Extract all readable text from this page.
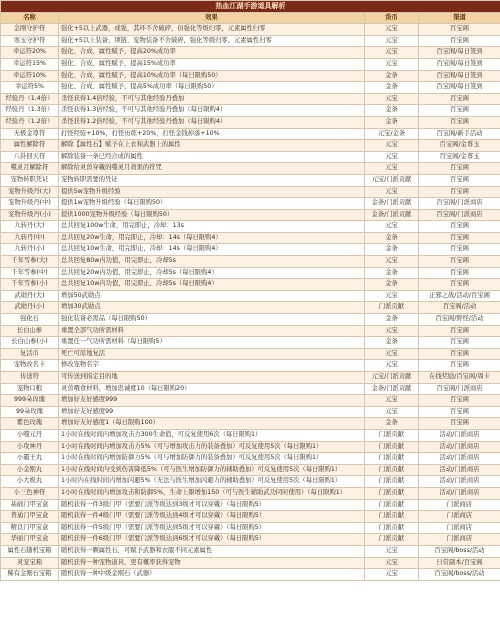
热血江湖手游道具解析			
名称	效果	货币	渠道
金刚守护符	强化+5以上武器，或强，其环不舍破碎，但强化等级归零，元素属性归零	元宝	百宝阁
寒玉守护符	强化+5以上装备，项链，宠物装备不舍破碎，强化等级归零，元素属性归零	元宝	百宝阁
幸运符20%	强化、合成、属性赋予，提高20%成功率	元宝	百宝阁/每日签到
幸运符15%	强化、合成、属性赋予，提高15%成功率	元宝	百宝阁/每日签到
幸运符10%	强化、合成、属性赋予，提高10%成功率（每日限购50）	金条	百宝阁/每日签到
幸运符5%	强化、合成、属性赋予，提高5%成功率（每日限购50）	金条	百宝阁/每日签到
经验丹（1.4倍）	杀怪获得1.4倍经验，不可与其他经验丹叠加	元宝	百宝阁
经验丹（1.3倍）	杀怪获得1.3倍经验，不可与其他经验丹叠加（每日限购4）	金条	百宝阁
经验丹（1.2倍）	杀怪获得1.2倍经验，不可与其他经验丹叠加（每日限购4）	金条	百宝阁
无极金尊符	打怪经验+10%，打怪历练+20%，打怪金钱掉落+10%	元宝/金条	百宝阁/新手活动
属性解除符	解除【属性石】赋予在上衣和武器上的属性	元宝	百宝阁/金尊玉
八卦回天符	解除装备一条已经合成的属性	元宝	百宝阁/金尊玉
噬灵月解除符	解除给灵兽穿戴的噬灵月效果的符咒	元宝	百宝阁
宠物转职凭证	宠物转职需要的凭证	元宝/门派贡献	百宝阁
宠物升级丹(大)	提供5w宠物升级经验	元宝	百宝阁
宠物升级丹(中)	提供1w宠物升级经验（每日限购50）	金条/门派贡献	百宝阁/门派商店
宠物升级丹(小)	提供1000宠物升级经验（每日限购50）	金条/门派贡献	百宝阁/门派商店
九转丹(大)	总共回复100w生命，用完即止，冷却：13s	元宝	百宝阁
九转丹(中)	总共回复20w生命，用完即止，冷却：14s（每日限购4）	金条	百宝阁
九转丹(小)	总共回复10w生命，用完即止，冷却：14s（每日限购4）	金条	百宝阁
千年雪参(大)	总共回复80w内功值，用完即止，冷却5s	元宝	百宝阁
千年雪参(中)	总共回复20w内功值，用完即止，冷却5s（每日限购4）	金条	百宝阁
千年雪参(小)	总共回复10w内功值，用完即止，冷却5s（每日限购4）	金条	百宝阁
武勋丹(大)	增加50武勋点	元宝	正邪之战/活动/百宝阁
武勋丹(小)	增加30武勋点	门派贡献	百宝阁/活动
强化石	强化装备必需品（每日限购50）	金条	百宝阁/野怪/活动
长白山参	重置全部气功所需材料	元宝	百宝阁
长白山参(小)	重置任一气功所需材料（每日限购5）	金条	百宝阁
复活币	死亡可原地复活	元宝	百宝阁
宠物改名卡	修改宠物名字	元宝	百宝阁
传送符	可传送到指定目的地	元宝/门派贡献	在线奖励/百宝阁/周卡
宠物口粮	灵兽喂食材料，增加忠诚度10（每日限购20）	金条/门派贡献	百宝阁/门派商店
999朵玫瑰	增加好友好感度999	元宝	百宝阁
99朵玫瑰	增加好友好感度99	元宝	百宝阁
紫色玫瑰	增加好友好感度1（每日限购100）	金条	百宝阁
小噬元丹	1小时在线时间内增加攻击力300生命值，可反复使用6次（每日限购1）	门派贡献	活动/门派商店
小攻神丹	1小时在线时间内增加攻击力5%（可与增加攻击力的装备叠加）可反复使用5次（每日限购1）	门派贡献	活动/门派商店
小霸王丸	1小时在线时间内增加防御力5%（可与增加防御力的装备叠加）可反复使用5次（每日限购1）	门派贡献	活动/门派商店
小金刚丸	1小时在线时间内受到伤害降低5%（可与医生增加防御力的辅助叠加）可反复使用5次（每日限购1）	门派贡献	活动/门派商店
小大极丸	1小时内在线时间内增加闪避5%（无法与医生增加闪避力的辅助叠加）可反复使用5次（每日限购1）	门派贡献	活动/门派商店
小三色神符	1小时在线时间内增加攻击和防御5%，生命上限增加150（可与医生辅助武功同时使用）（每日限购1）	门派贡献	活动/门派商店
基础门甲宝盒	随机获得一件3级门甲（需要门派等级达到3级才可以穿戴）（每日限购5）	门派贡献	门派商店
普通门甲宝盒	随机获得一件4级门甲（需要门派等级达到4级才可以穿戴）（每日限购5）	门派贡献	门派商店
精良门甲宝盒	随机获得一件5级门甲（需要门派等级达到5级才可以穿戴）（每日限购5）	门派贡献	门派商店
华丽门甲宝盒	随机获得一件6级门甲（需要门派等级达到6级才可以穿戴）（每日限购5）	门派贡献	门派商店
属性石随机宝箱	随机获得一颗属性石，可赋予武器和衣服不同元素属性	元宝	百宝阁/boss/活动
灵宠宝箱	随机获得一种宠物道具，更有概率获得宠物	元宝	日常副本/百宝阁
稀有金刚石宝箱	随机获得一种中级金刚石（武器）	元宝	百宝阁/boss/活动
